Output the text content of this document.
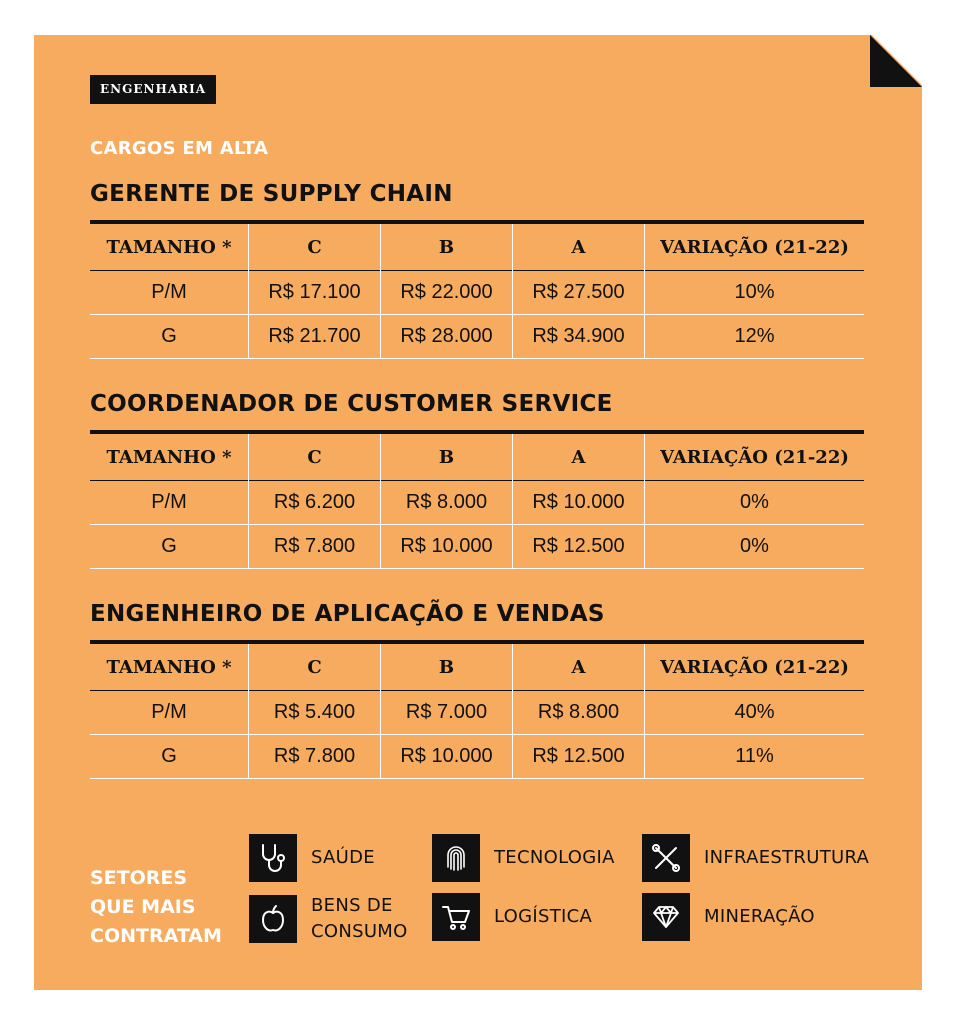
ENGENHARIA
CARGOS EM ALTA
GERENTE DE SUPPLY CHAIN
TAMANHO *	C	B	A	VARIAÇÃO (21-22)
P/M	R$ 17.100	R$ 22.000	R$ 27.500	10%
G	R$ 21.700	R$ 28.000	R$ 34.900	12%
COORDENADOR DE CUSTOMER SERVICE
TAMANHO *	C	B	A	VARIAÇÃO (21-22)
P/M	R$ 6.200	R$ 8.000	R$ 10.000	0%
G	R$ 7.800	R$ 10.000	R$ 12.500	0%
ENGENHEIRO DE APLICAÇÃO E VENDAS
TAMANHO *	C	B	A	VARIAÇÃO (21-22)
P/M	R$ 5.400	R$ 7.000	R$ 8.800	40%
G	R$ 7.800	R$ 10.000	R$ 12.500	11%
SETORES
QUE MAIS
CONTRATAM
SAÚDE
BENS DE
CONSUMO
TECNOLOGIA
LOGÍSTICA
INFRAESTRUTURA
MINERAÇÃO
